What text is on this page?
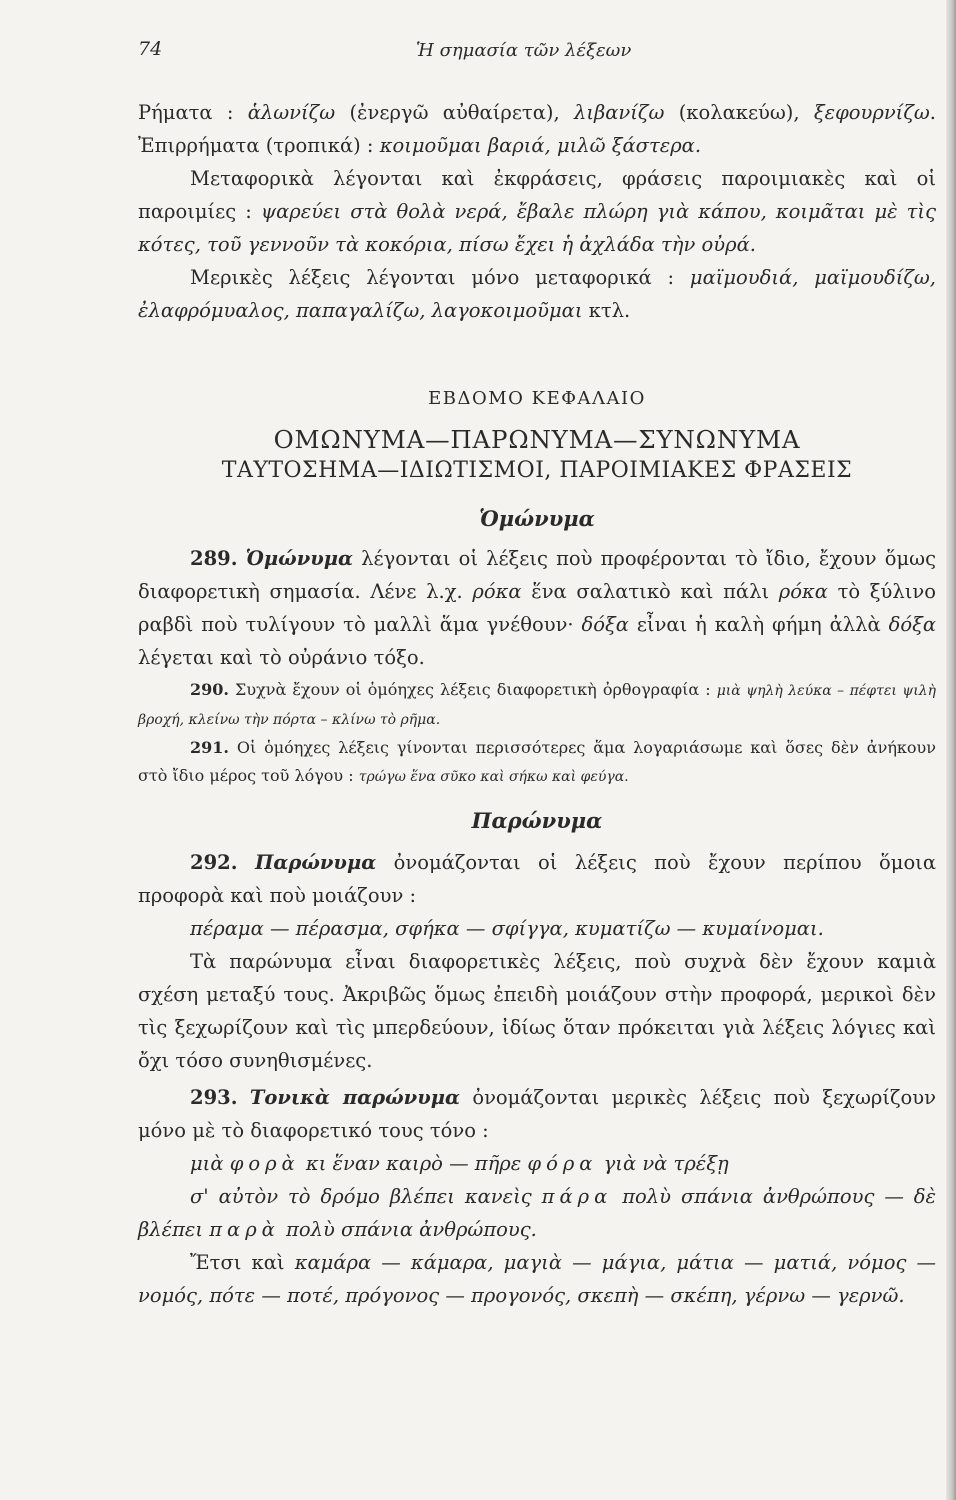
74	Ἡ σημασία τῶν λέξεων

Ρήματα : ἁλωνίζω (ἐνεργῶ αὐθαίρετα), λιβανίζω (κολακεύω), ξεφουρνίζω. Ἐπιρρήματα (τροπικά) : κοιμοῦμαι βαριά, μιλῶ ξάστερα.

Μεταφορικὰ λέγονται καὶ ἐκφράσεις, φράσεις παροιμιακὲς καὶ οἱ παροιμίες : ψαρεύει στὰ θολὰ νερά, ἔβαλε πλώρη γιὰ κάπου, κοιμᾶται μὲ τὶς κότες, τοῦ γεννοῦν τὰ κοκόρια, πίσω ἔχει ἡ ἀχλάδα τὴν οὐρά.

Μερικὲς λέξεις λέγονται μόνο μεταφορικά : μαϊμουδιά, μαϊμουδίζω, ἐλαφρόμυαλος, παπαγαλίζω, λαγοκοιμοῦμαι κτλ.

ΕΒΔΟΜΟ ΚΕΦΑΛΑΙΟ
ΟΜΩΝΥΜΑ—ΠΑΡΩΝΥΜΑ—ΣΥΝΩΝΥΜΑ
ΤΑΥΤΟΣΗΜΑ—ΙΔΙΩΤΙΣΜΟΙ, ΠΑΡΟΙΜΙΑΚΕΣ ΦΡΑΣΕΙΣ
Ὁμώνυμα

289. Ὁμώνυμα λέγονται οἱ λέξεις ποὺ προφέρονται τὸ ἴδιο, ἔχουν ὅμως διαφορετικὴ σημασία. Λένε λ.χ. ρόκα ἕνα σαλατικὸ καὶ πάλι ρόκα τὸ ξύλινο ραβδὶ ποὺ τυλίγουν τὸ μαλλὶ ἅμα γνέθουν· δόξα εἶναι ἡ καλὴ φήμη ἀλλὰ δόξα λέγεται καὶ τὸ οὐράνιο τόξο.

290. Συχνὰ ἔχουν οἱ ὁμόηχες λέξεις διαφορετικὴ ὀρθογραφία : μιὰ ψηλὴ λεύκα – πέφτει ψιλὴ βροχή, κλείνω τὴν πόρτα – κλίνω τὸ ρῆμα.

291. Οἱ ὁμόηχες λέξεις γίνονται περισσότερες ἅμα λογαριάσωμε καὶ ὅσες δὲν ἀνήκουν στὸ ἴδιο μέρος τοῦ λόγου : τρώγω ἕνα σῦκο καὶ σήκω καὶ φεύγα.

Παρώνυμα

292. Παρώνυμα ὀνομάζονται οἱ λέξεις ποὺ ἔχουν περίπου ὅμοια προφορὰ καὶ ποὺ μοιάζουν :

πέραμα — πέρασμα, σφήκα — σφίγγα, κυματίζω — κυμαίνομαι.

Τὰ παρώνυμα εἶναι διαφορετικὲς λέξεις, ποὺ συχνὰ δὲν ἔχουν καμιὰ σχέση μεταξύ τους. Ἀκριβῶς ὅμως ἐπειδὴ μοιάζουν στὴν προφορά, μερικοὶ δὲν τὶς ξεχωρίζουν καὶ τὶς μπερδεύουν, ἰδίως ὅταν πρόκειται γιὰ λέξεις λόγιες καὶ ὄχι τόσο συνηθισμένες.

293. Τονικὰ παρώνυμα ὀνομάζονται μερικὲς λέξεις ποὺ ξεχωρίζουν μόνο μὲ τὸ διαφορετικό τους τόνο :

μιὰ φορὰ κι ἕναν καιρὸ — πῆρε φόρα γιὰ νὰ τρέξῃ

σ' αὐτὸν τὸ δρόμο βλέπει κανεὶς πάρα πολὺ σπάνια ἀνθρώπους — δὲ βλέπει παρὰ πολὺ σπάνια ἀνθρώπους.

Ἔτσι καὶ καμάρα — κάμαρα, μαγιὰ — μάγια, μάτια — ματιά, νόμος — νομός, πότε — ποτέ, πρόγονος — προγονός, σκεπὴ — σκέπη, γέρνω — γερνῶ.
